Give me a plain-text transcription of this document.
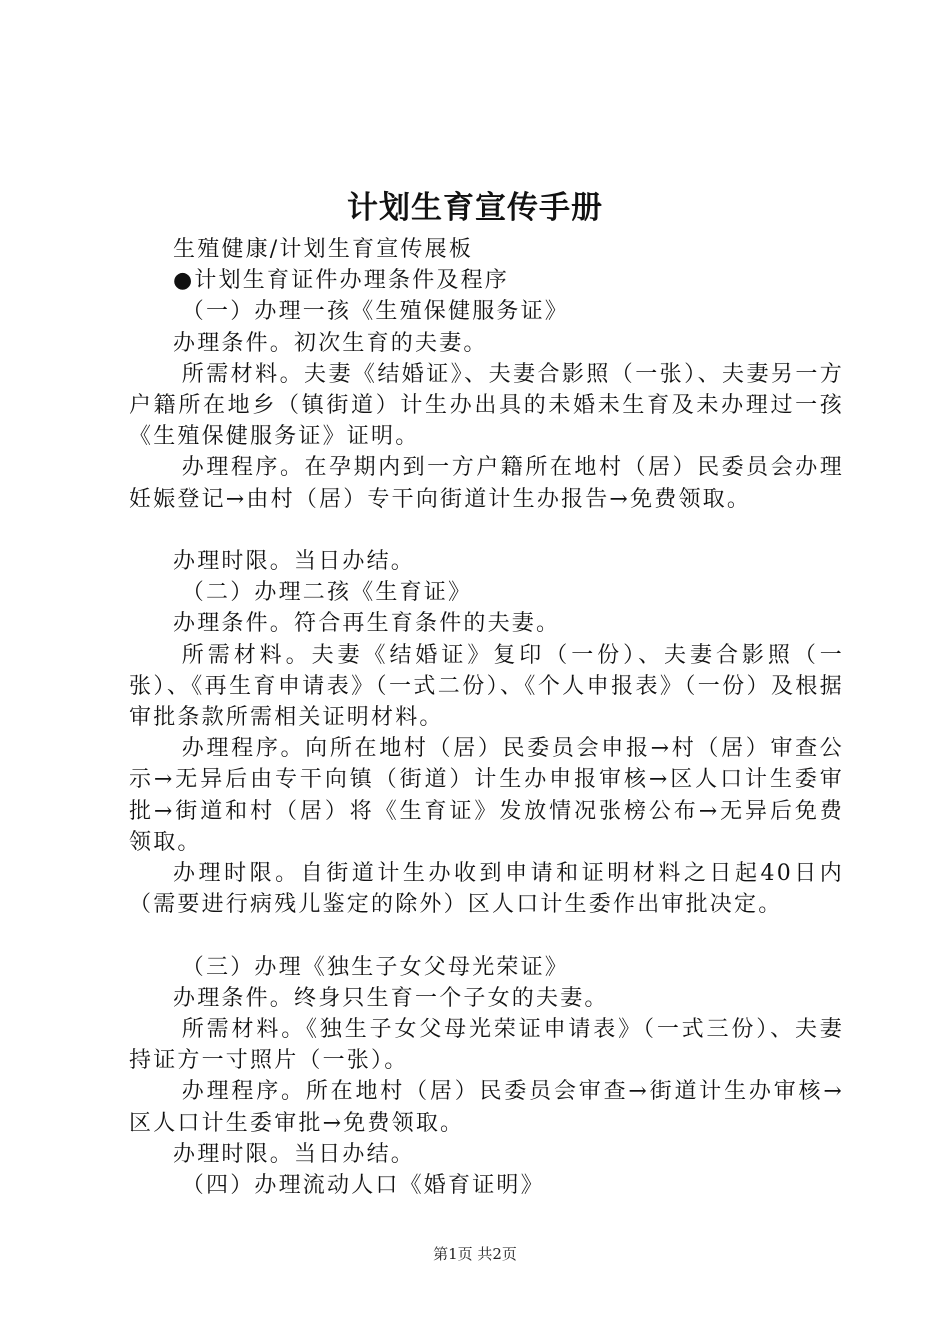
计划生育宣传手册

生殖健康/计划生育宣传展板

●计划生育证件办理条件及程序

（一）办理一孩《生殖保健服务证》

办理条件。初次生育的夫妻。

所需材料。夫妻《结婚证》、夫妻合影照（一张）、夫妻另一方户籍所在地乡（镇街道）计生办出具的未婚未生育及未办理过一孩《生殖保健服务证》证明。

办理程序。在孕期内到一方户籍所在地村（居）民委员会办理妊娠登记→由村（居）专干向街道计生办报告→免费领取。

办理时限。当日办结。

（二）办理二孩《生育证》

办理条件。符合再生育条件的夫妻。

所需材料。夫妻《结婚证》复印（一份）、夫妻合影照（一张）、《再生育申请表》（一式二份）、《个人申报表》（一份）及根据审批条款所需相关证明材料。

办理程序。向所在地村（居）民委员会申报→村（居）审查公示→无异后由专干向镇（街道）计生办申报审核→区人口计生委审批→街道和村（居）将《生育证》发放情况张榜公布→无异后免费领取。

办理时限。自街道计生办收到申请和证明材料之日起40日内（需要进行病残儿鉴定的除外）区人口计生委作出审批决定。

（三）办理《独生子女父母光荣证》

办理条件。终身只生育一个子女的夫妻。

所需材料。《独生子女父母光荣证申请表》（一式三份）、夫妻持证方一寸照片（一张）。

办理程序。所在地村（居）民委员会审查→街道计生办审核→区人口计生委审批→免费领取。

办理时限。当日办结。

（四）办理流动人口《婚育证明》

第1页 共2页
